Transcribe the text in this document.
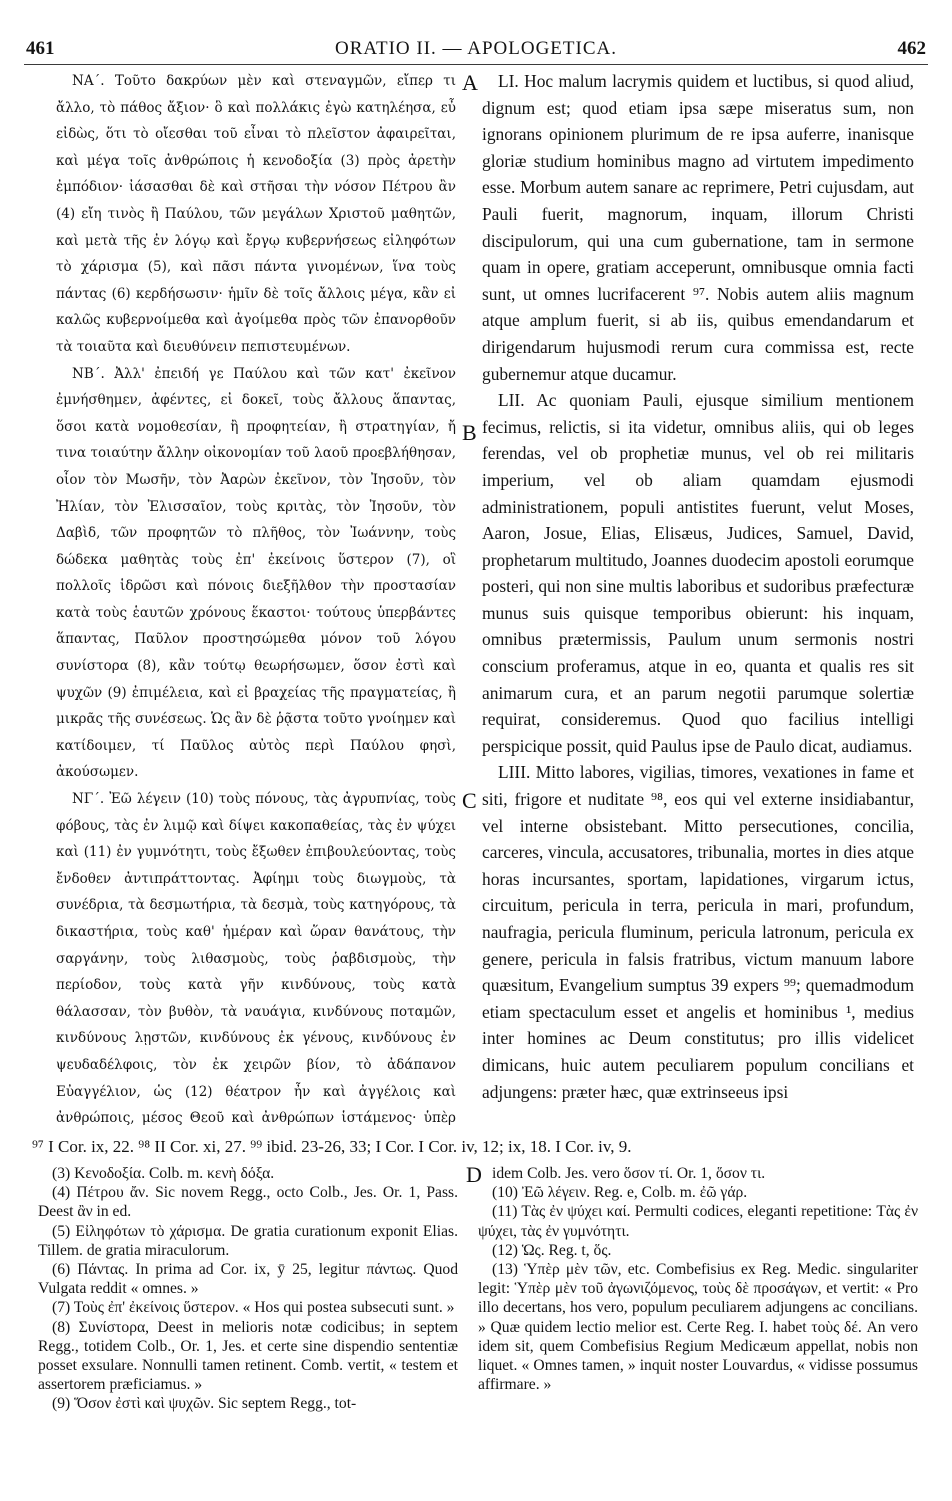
461	ORATIO II. — APOLOGETICA.	462

ΝΑ΄. Τοῦτο δακρύων μὲν καὶ στεναγμῶν, εἴπερ τι ἄλλο, τὸ πάθος ἄξιον· ὃ καὶ πολλάκις ἐγὼ κατηλέησα, εὖ εἰδὼς, ὅτι τὸ οἴεσθαι τοῦ εἶναι τὸ πλεῖστον ἀφαιρεῖται, καὶ μέγα τοῖς ἀνθρώποις ἡ κενοδοξία (3) πρὸς ἀρετὴν ἐμπόδιον· ἰάσασθαι δὲ καὶ στῆσαι τὴν νόσον Πέτρου ἂν (4) εἴη τινὸς ἢ Παύλου, τῶν μεγάλων Χριστοῦ μαθητῶν, καὶ μετὰ τῆς ἐν λόγῳ καὶ ἔργῳ κυβερνήσεως εἰληφότων τὸ χάρισμα (5), καὶ πᾶσι πάντα γινομένων, ἵνα τοὺς πάντας (6) κερδήσωσιν· ἡμῖν δὲ τοῖς ἄλλοις μέγα, κἂν εἰ καλῶς κυβερνοίμεθα καὶ ἀγοίμεθα πρὸς τῶν ἐπανορθοῦν τὰ τοιαῦτα καὶ διευθύνειν πεπιστευμένων.

ΝΒ΄. Ἀλλ' ἐπειδή γε Παύλου καὶ τῶν κατ' ἐκεῖνον ἐμνήσθημεν, ἀφέντες, εἰ δοκεῖ, τοὺς ἄλλους ἅπαντας, ὅσοι κατὰ νομοθεσίαν, ἢ προφητείαν, ἢ στρατηγίαν, ἤ τινα τοιαύτην ἄλλην οἰκονομίαν τοῦ λαοῦ προεβλήθησαν, οἷον τὸν Μωσῆν, τὸν Ἀαρὼν ἐκεῖνον, τὸν Ἰησοῦν, τὸν Ἠλίαν, τὸν Ἐλισσαῖον, τοὺς κριτὰς, τὸν Ἰησοῦν, τὸν Δαβὶδ, τῶν προφητῶν τὸ πλῆθος, τὸν Ἰωάννην, τοὺς δώδεκα μαθητὰς τοὺς ἐπ' ἐκείνοις ὕστερον (7), οἳ πολλοῖς ἱδρῶσι καὶ πόνοις διεξῆλθον τὴν προστασίαν κατὰ τοὺς ἑαυτῶν χρόνους ἕκαστοι· τούτους ὑπερβάντες ἅπαντας, Παῦλον προστησώμεθα μόνον τοῦ λόγου συνίστορα (8), κἂν τούτῳ θεωρήσωμεν, ὅσον ἐστὶ καὶ ψυχῶν (9) ἐπιμέλεια, καὶ εἰ βραχείας τῆς πραγματείας, ἢ μικρᾶς τῆς συνέσεως. Ὡς ἂν δὲ ῥᾷστα τοῦτο γνοίημεν καὶ κατίδοιμεν, τί Παῦλος αὐτὸς περὶ Παύλου φησὶ, ἀκούσωμεν.

ΝΓ΄. Ἐῶ λέγειν (10) τοὺς πόνους, τὰς ἀγρυπνίας, τοὺς φόβους, τὰς ἐν λιμῷ καὶ δίψει κακοπαθείας, τὰς ἐν ψύχει καὶ (11) ἐν γυμνότητι, τοὺς ἔξωθεν ἐπιβουλεύοντας, τοὺς ἔνδοθεν ἀντιπράττοντας. Ἀφίημι τοὺς διωγμοὺς, τὰ συνέδρια, τὰ δεσμωτήρια, τὰ δεσμὰ, τοὺς κατηγόρους, τὰ δικαστήρια, τοὺς καθ' ἡμέραν καὶ ὥραν θανάτους, τὴν σαργάνην, τοὺς λιθασμοὺς, τοὺς ῥαβδισμοὺς, τὴν περίοδον, τοὺς κατὰ γῆν κινδύνους, τοὺς κατὰ θάλασσαν, τὸν βυθὸν, τὰ ναυάγια, κινδύνους ποταμῶν, κινδύνους λῃστῶν, κινδύνους ἐκ γένους, κινδύνους ἐν ψευδαδέλφοις, τὸν ἐκ χειρῶν βίον, τὸ ἀδάπανον Εὐαγγέλιον, ὡς (12) θέατρον ἦν καὶ ἀγγέλοις καὶ ἀνθρώποις, μέσος Θεοῦ καὶ ἀνθρώπων ἱστάμενος· ὑπὲρ

A
B
C
D

LI. Hoc malum lacrymis quidem et luctibus, si quod aliud, dignum est; quod etiam ipsa sæpe miseratus sum, non ignorans opinionem plurimum de re ipsa auferre, inanisque gloriæ studium hominibus magno ad virtutem impedimento esse. Morbum autem sanare ac reprimere, Petri cujusdam, aut Pauli fuerit, magnorum, inquam, illorum Christi discipulorum, qui una cum gubernatione, tam in sermone quam in opere, gratiam acceperunt, omnibusque omnia facti sunt, ut omnes lucrifacerent ⁹⁷. Nobis autem aliis magnum atque amplum fuerit, si ab iis, quibus emendandarum et dirigendarum hujusmodi rerum cura commissa est, recte gubernemur atque ducamur.

LII. Ac quoniam Pauli, ejusque similium mentionem fecimus, relictis, si ita videtur, omnibus aliis, qui ob leges ferendas, vel ob prophetiæ munus, vel ob rei militaris imperium, vel ob aliam quamdam ejusmodi administrationem, populi antistites fuerunt, velut Moses, Aaron, Josue, Elias, Elisæus, Judices, Samuel, David, prophetarum multitudo, Joannes duodecim apostoli eorumque posteri, qui non sine multis laboribus et sudoribus præfecturæ munus suis quisque temporibus obierunt: his inquam, omnibus prætermissis, Paulum unum sermonis nostri conscium proferamus, atque in eo, quanta et qualis res sit animarum cura, et an parum negotii parumque solertiæ requirat, consideremus. Quod quo facilius intelligi perspicique possit, quid Paulus ipse de Paulo dicat, audiamus.

LIII. Mitto labores, vigilias, timores, vexationes in fame et siti, frigore et nuditate ⁹⁸, eos qui vel externe insidiabantur, vel interne obsistebant. Mitto persecutiones, concilia, carceres, vincula, accusatores, tribunalia, mortes in dies atque horas incursantes, sportam, lapidationes, virgarum ictus, circuitum, pericula in terra, pericula in mari, profundum, naufragia, pericula fluminum, pericula latronum, pericula ex genere, pericula in falsis fratribus, victum manuum labore quæsitum, Evangelium sumptus 39 expers ⁹⁹; quemadmodum etiam spectaculum esset et angelis et hominibus ¹, medius inter homines ac Deum constitutus; pro illis videlicet dimicans, huic autem peculiarem populum concilians et adjungens: præter hæc, quæ extrinseeus ipsi

⁹⁷ I Cor. ix, 22. ⁹⁸ II Cor. xi, 27. ⁹⁹ ibid. 23-26, 33; I Cor. I Cor. iv, 12; ix, 18. I Cor. iv, 9.

(3) Κενοδοξία. Colb. m. κενὴ δόξα.

(4) Πέτρου ἄν. Sic novem Regg., octo Colb., Jes. Or. 1, Pass. Deest ἂν in ed.

(5) Εἰληφότων τὸ χάρισμα. De gratia curationum exponit Elias. Tillem. de gratia miraculorum.

(6) Πάντας. In prima ad Cor. ix, ȳ 25, legitur πάντως. Quod Vulgata reddit « omnes. »

(7) Τοὺς ἐπ' ἐκείνοις ὕστερον. « Hos qui postea subsecuti sunt. »

(8) Συνίστορα, Deest in melioris notæ codicibus; in septem Regg., totidem Colb., Or. 1, Jes. et certe sine dispendio sententiæ posset exsulare. Nonnulli tamen retinent. Comb. vertit, « testem et assertorem præficiamus. »

(9) Ὅσον ἐστὶ καὶ ψυχῶν. Sic septem Regg., tot-

idem Colb. Jes. vero ὅσον τί. Or. 1, ὅσον τι.

(10) Ἐῶ λέγειν. Reg. e, Colb. m. ἐῶ γάρ.

(11) Τὰς ἐν ψύχει καί. Permulti codices, eleganti repetitione: Τὰς ἐν ψύχει, τὰς ἐν γυμνότητι.

(12) Ὡς. Reg. t, ὅς.

(13) Ὑπὲρ μὲν τῶν, etc. Combefisius ex Reg. Medic. singulariter legit: Ὑπὲρ μὲν τοῦ ἀγωνιζόμενος, τοὺς δὲ προσάγων, et vertit: « Pro illo decertans, hos vero, populum peculiarem adjungens ac concilians. » Quæ quidem lectio melior est. Certe Reg. I. habet τοὺς δέ. An vero idem sit, quem Combefisius Regium Medicæum appellat, nobis non liquet. « Omnes tamen, » inquit noster Louvardus, « vidisse possumus affirmare. »
